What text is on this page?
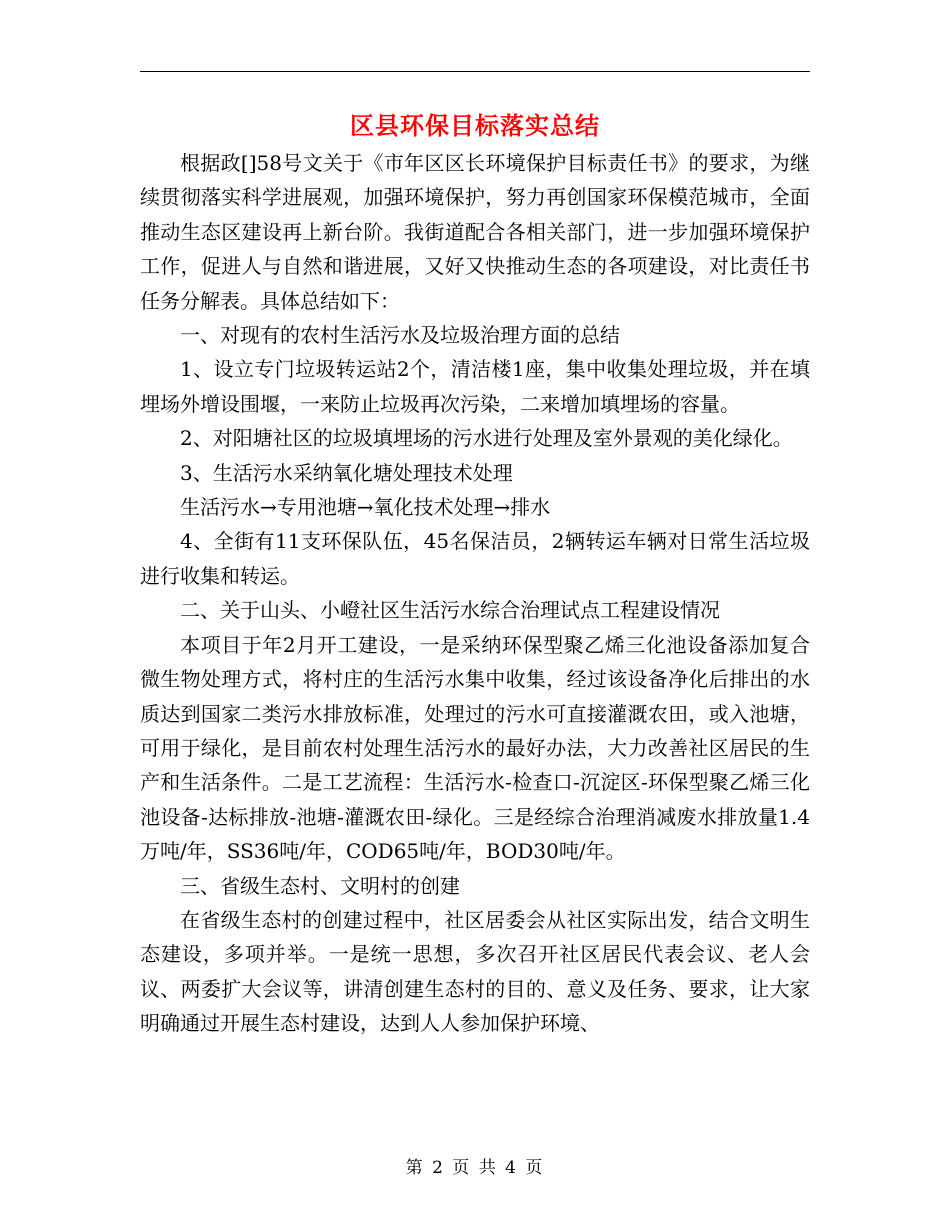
区县环保目标落实总结

根据政[]58号文关于《市年区区长环境保护目标责任书》的要求，为继续贯彻落实科学进展观，加强环境保护，努力再创国家环保模范城市，全面推动生态区建设再上新台阶。我街道配合各相关部门，进一步加强环境保护工作，促进人与自然和谐进展，又好又快推动生态的各项建设，对比责任书任务分解表。具体总结如下：

一、对现有的农村生活污水及垃圾治理方面的总结

1、设立专门垃圾转运站2个，清洁楼1座，集中收集处理垃圾，并在填埋场外增设围堰，一来防止垃圾再次污染，二来增加填埋场的容量。

2、对阳塘社区的垃圾填埋场的污水进行处理及室外景观的美化绿化。

3、生活污水采纳氧化塘处理技术处理

生活污水→专用池塘→氧化技术处理→排水

4、全街有11支环保队伍，45名保洁员，2辆转运车辆对日常生活垃圾进行收集和转运。

二、关于山头、小嶝社区生活污水综合治理试点工程建设情况

本项目于年2月开工建设，一是采纳环保型聚乙烯三化池设备添加复合微生物处理方式，将村庄的生活污水集中收集，经过该设备净化后排出的水质达到国家二类污水排放标准，处理过的污水可直接灌溉农田，或入池塘，可用于绿化，是目前农村处理生活污水的最好办法，大力改善社区居民的生产和生活条件。二是工艺流程：生活污水-检查口-沉淀区-环保型聚乙烯三化池设备-达标排放-池塘-灌溉农田-绿化。三是经综合治理消减废水排放量1.4万吨/年，SS36吨/年，COD65吨/年，BOD30吨/年。

三、省级生态村、文明村的创建

在省级生态村的创建过程中，社区居委会从社区实际出发，结合文明生态建设，多项并举。一是统一思想，多次召开社区居民代表会议、老人会议、两委扩大会议等，讲清创建生态村的目的、意义及任务、要求，让大家明确通过开展生态村建设，达到人人参加保护环境、

第 2 页 共 4 页
